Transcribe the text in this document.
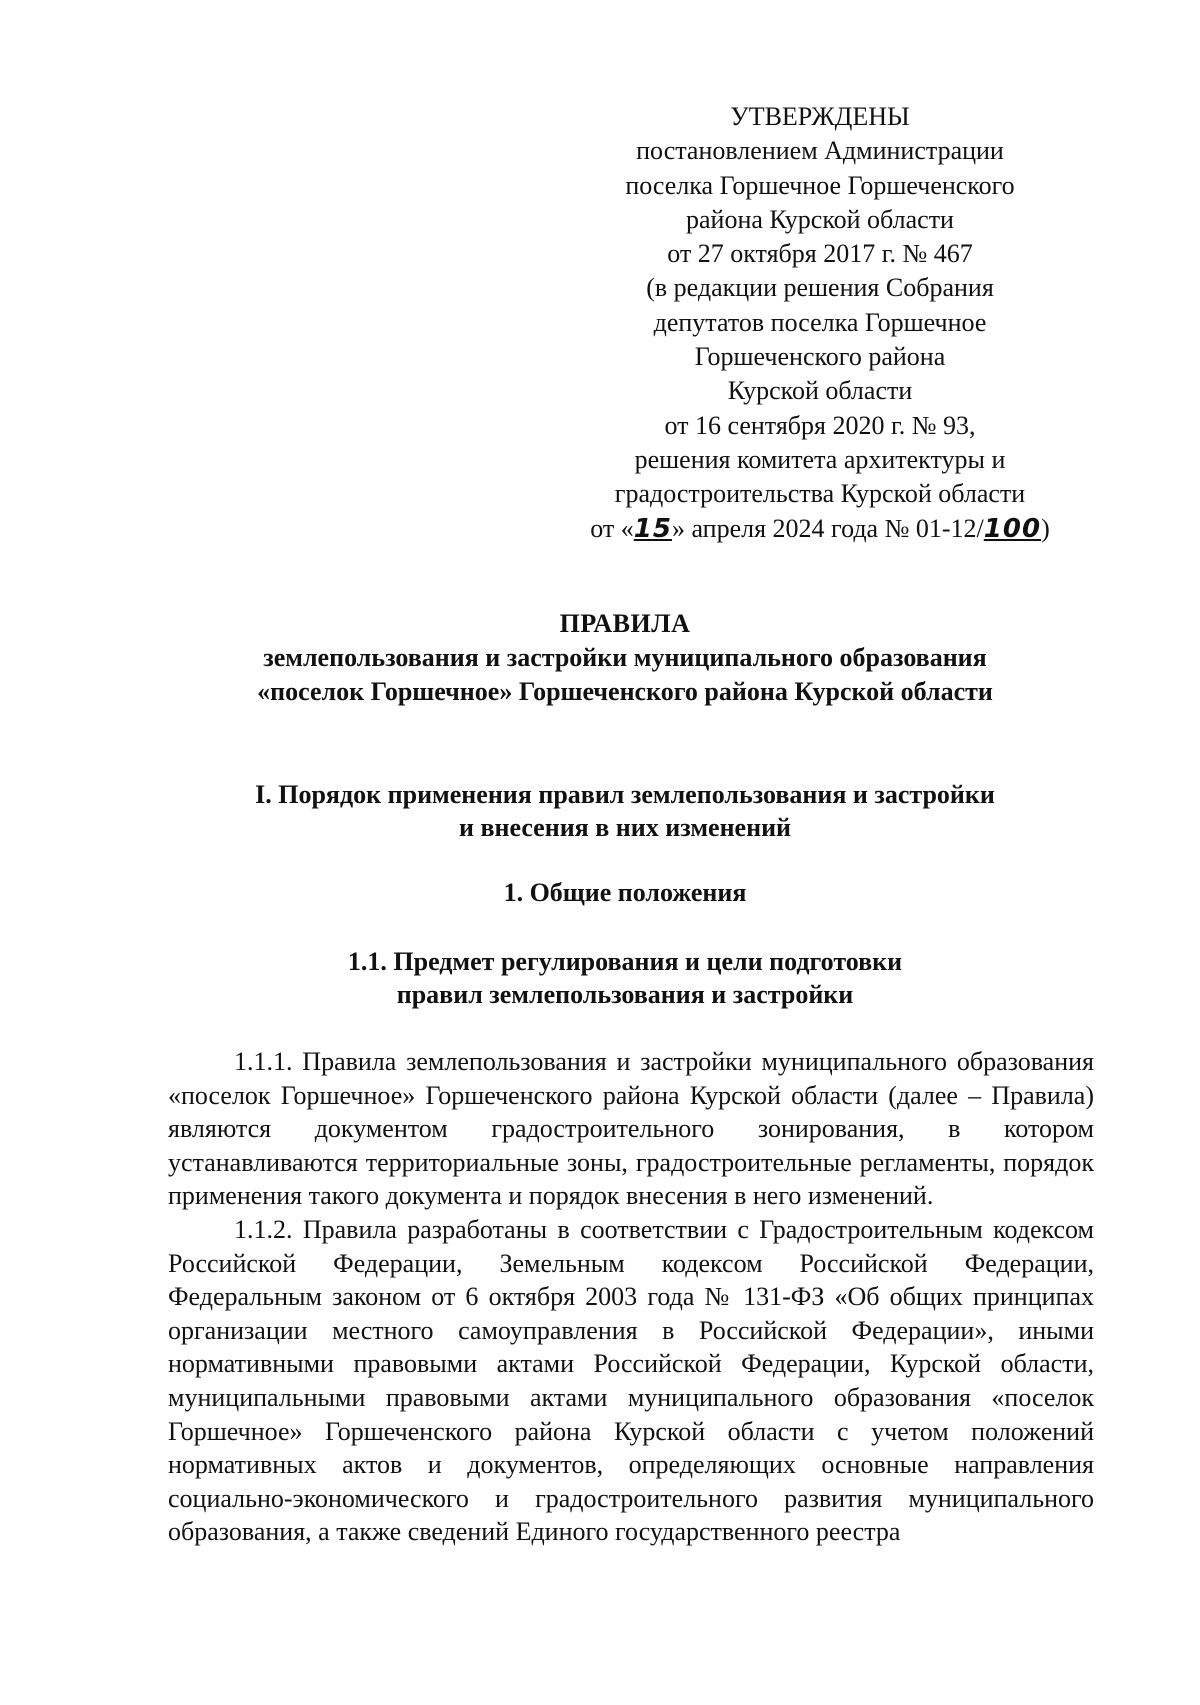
УТВЕРЖДЕНЫ
постановлением Администрации
поселка Горшечное Горшеченского
района Курской области
от 27 октября 2017 г. № 467
(в редакции решения Собрания
депутатов поселка Горшечное
Горшеченского района
Курской области
от 16 сентября 2020 г. № 93,
решения комитета архитектуры и
градостроительства Курской области
от «15» апреля 2024 года № 01-12/100)
ПРАВИЛА
землепользования и застройки муниципального образования
«поселок Горшечное» Горшеченского района Курской области
I. Порядок применения правил землепользования и застройки
и внесения в них изменений
1. Общие положения
1.1. Предмет регулирования и цели подготовки
правил землепользования и застройки

1.1.1. Правила землепользования и застройки муниципального образования «поселок Горшечное» Горшеченского района Курской области (далее – Правила) являются документом градостроительного зонирования, в котором устанавливаются территориальные зоны, градостроительные регламенты, порядок применения такого документа и порядок внесения в него изменений.

1.1.2. Правила разработаны в соответствии с Градостроительным кодексом Российской Федерации, Земельным кодексом Российской Федерации, Федеральным законом от 6 октября 2003 года № 131-ФЗ «Об общих принципах организации местного самоуправления в Российской Федерации», иными нормативными правовыми актами Российской Федерации, Курской области, муниципальными правовыми актами муниципального образования «поселок Горшечное» Горшеченского района Курской области с учетом положений нормативных актов и документов, определяющих основные направления социально-экономического и градостроительного развития муниципального образования, а также сведений Единого государственного реестра
